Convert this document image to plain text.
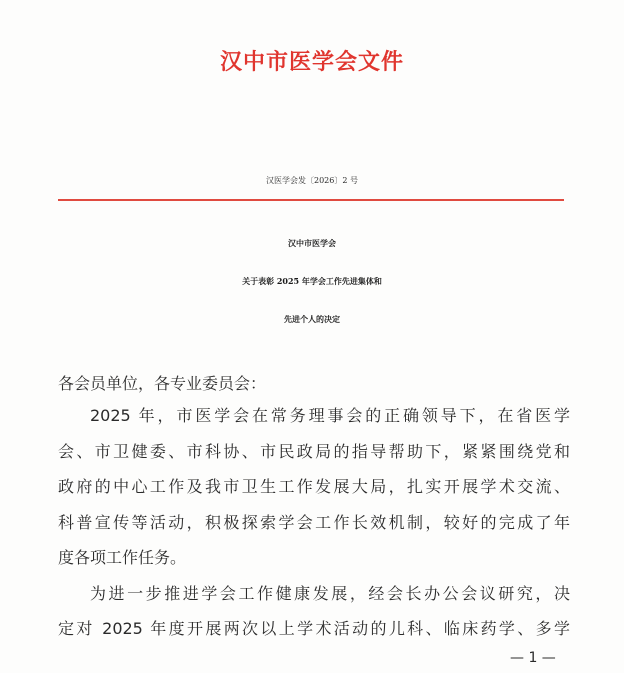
汉中市医学会文件
汉医学会发〔2026〕2 号
汉中市医学会
关于表彰 2025 年学会工作先进集体和
先进个人的决定
各会员单位，各专业委员会：
2025 年，市医学会在常务理事会的正确领导下，在省医学
会、市卫健委、市科协、市民政局的指导帮助下，紧紧围绕党和
政府的中心工作及我市卫生工作发展大局，扎实开展学术交流、
科普宣传等活动，积极探索学会工作长效机制，较好的完成了年
度各项工作任务。
为进一步推进学会工作健康发展，经会长办公会议研究，决
定对 2025 年度开展两次以上学术活动的儿科、临床药学、多学
— 1 —
